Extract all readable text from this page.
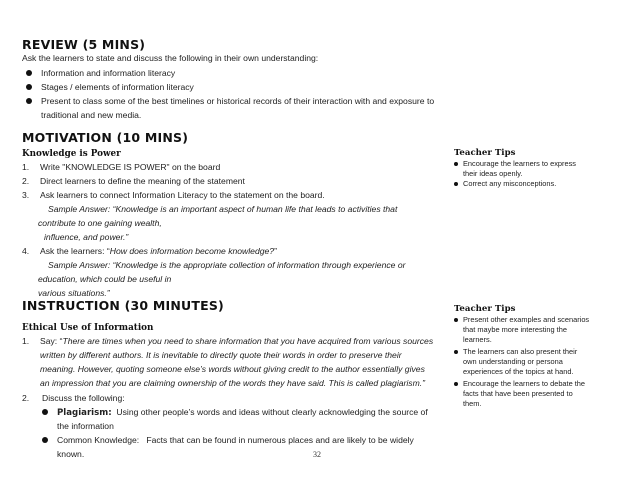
REVIEW (5 MINS)
Ask the learners to state and discuss the following in their own understanding:
Information and information literacy
Stages / elements of information literacy
Present to class some of the best timelines or historical records of their interaction with and exposure to
traditional and new media.
MOTIVATION (10 MINS)
Knowledge is Power
1. Write "KNOWLEDGE IS POWER" on the board
2. Direct learners to define the meaning of the statement
3. Ask learners to connect Information Literacy to the statement on the board.
Sample Answer: “Knowledge is an important aspect of human life that leads to activities that
contribute to one gaining wealth,
influence, and power.”
4. Ask the learners: “How does information become knowledge?”
Sample Answer: “Knowledge is the appropriate collection of information through experience or
education, which could be useful in
various situations.”
Teacher Tips
Encourage the learners to express
their ideas openly.
Correct any misconceptions.
INSTRUCTION (30 MINUTES)
Ethical Use of Information
1. Say: “There are times when you need to share information that you have acquired from various sources
written by different authors. It is inevitable to directly quote their words in order to preserve their
meaning. However, quoting someone else’s words without giving credit to the author essentially gives
an impression that you are claiming ownership of the words they have said. This is called plagiarism.”
2. Discuss the following:
Plagiarism:  Using other people’s words and ideas without clearly acknowledging the source of
the information
Common Knowledge:   Facts that can be found in numerous places and are likely to be widely
known.
Teacher Tips
Present other examples and scenarios
that maybe more interesting the
learners.
The learners can also present their
own understanding or persona
experiences of the topics at hand.
Encourage the learners to debate the
facts that have been presented to
them.
32
